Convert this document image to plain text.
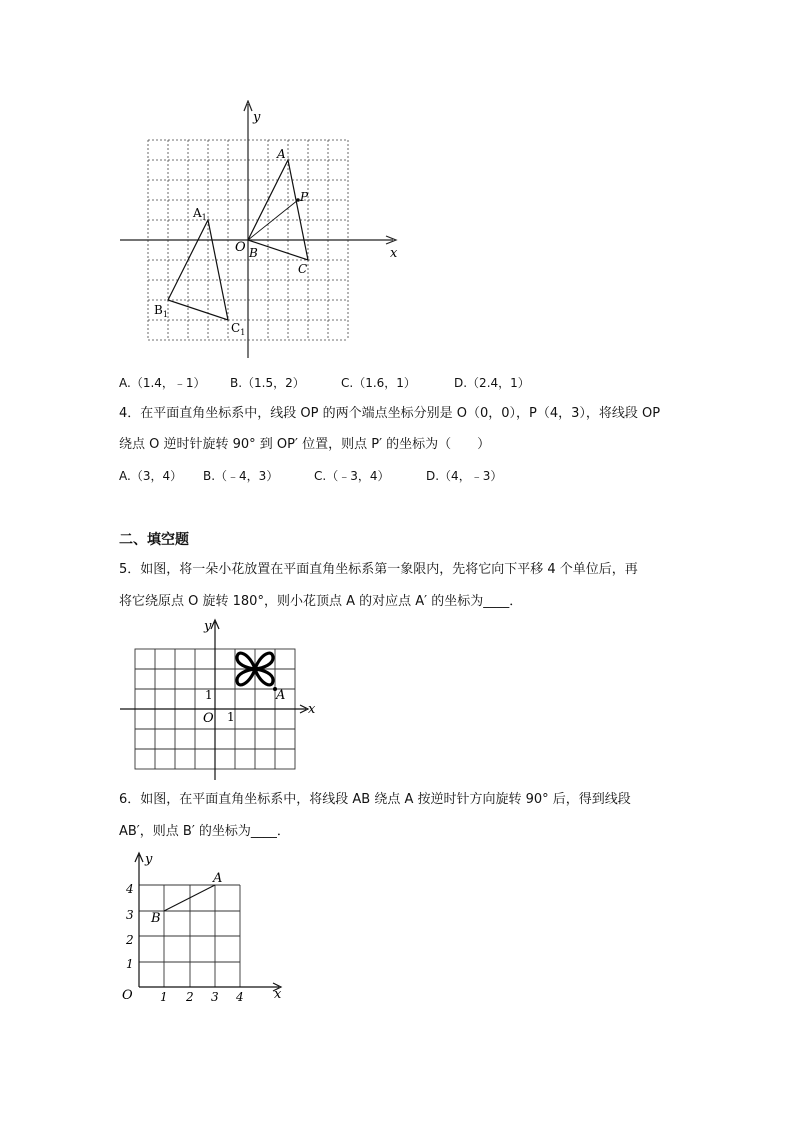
y
x
O
A
P
B
C
$A_1$
$B_1$
$C_1$
A.（1.4，﹣1） B.（1.5，2）	C.（1.6，1）	D.（2.4，1）
4．在平面直角坐标系中，线段 OP 的两个端点坐标分别是 O（0，0），P（4，3），将线段 OP
绕点 O 逆时针旋转 90° 到 OP′ 位置，则点 P′ 的坐标为（　　）
A.（3，4） B.（﹣4，3）	C.（﹣3，4）	D.（4，﹣3）
二、填空题
5．如图，将一朵小花放置在平面直角坐标系第一象限内，先将它向下平移 4 个单位后，再
将它绕原点 O 旋转 180°，则小花顶点 A 的对应点 A′ 的坐标为____．
y
x
O
1
1
A
6．如图，在平面直角坐标系中，将线段 AB 绕点 A 按逆时针方向旋转 90° 后，得到线段
AB′，则点 B′ 的坐标为____．
y
x
O
A
B
4
3
2
1
1 2 3 4
